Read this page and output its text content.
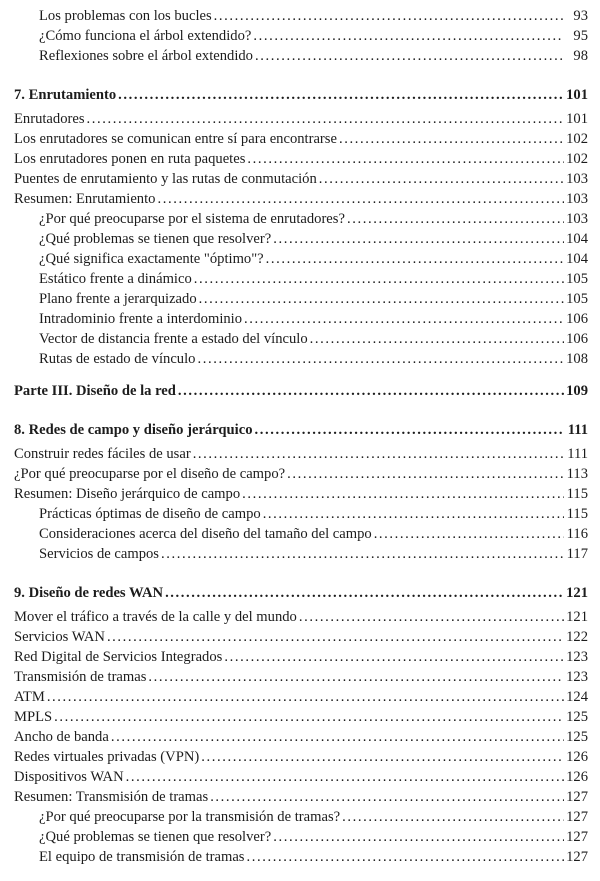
Los problemas con los bucles .....	93
¿Cómo funciona el árbol extendido? .....	95
Reflexiones sobre el árbol extendido .....	98
7. Enrutamiento .....	101
Enrutadores .....	101
Los enrutadores se comunican entre sí para encontrarse .....	102
Los enrutadores ponen en ruta paquetes .....	102
Puentes de enrutamiento y las rutas de conmutación .....	103
Resumen: Enrutamiento .....	103
¿Por qué preocuparse por el sistema de enrutadores? .....	103
¿Qué problemas se tienen que resolver? .....	104
¿Qué significa exactamente "óptimo"? .....	104
Estático frente a dinámico .....	105
Plano frente a jerarquizado .....	105
Intradominio frente a interdominio .....	106
Vector de distancia frente a estado del vínculo .....	106
Rutas de estado de vínculo .....	108
Parte III. Diseño de la red .....	109
8. Redes de campo y diseño jerárquico .....	111
Construir redes fáciles de usar .....	111
¿Por qué preocuparse por el diseño de campo? .....	113
Resumen: Diseño jerárquico de campo .....	115
Prácticas óptimas de diseño de campo .....	115
Consideraciones acerca del diseño del tamaño del campo .....	116
Servicios de campos .....	117
9. Diseño de redes WAN .....	121
Mover el tráfico a través de la calle y del mundo .....	121
Servicios WAN .....	122
Red Digital de Servicios Integrados .....	123
Transmisión de tramas .....	123
ATM .....	124
MPLS .....	125
Ancho de banda .....	125
Redes virtuales privadas (VPN) .....	126
Dispositivos WAN .....	126
Resumen: Transmisión de tramas .....	127
¿Por qué preocuparse por la transmisión de tramas? .....	127
¿Qué problemas se tienen que resolver? .....	127
El equipo de transmisión de tramas .....	127
